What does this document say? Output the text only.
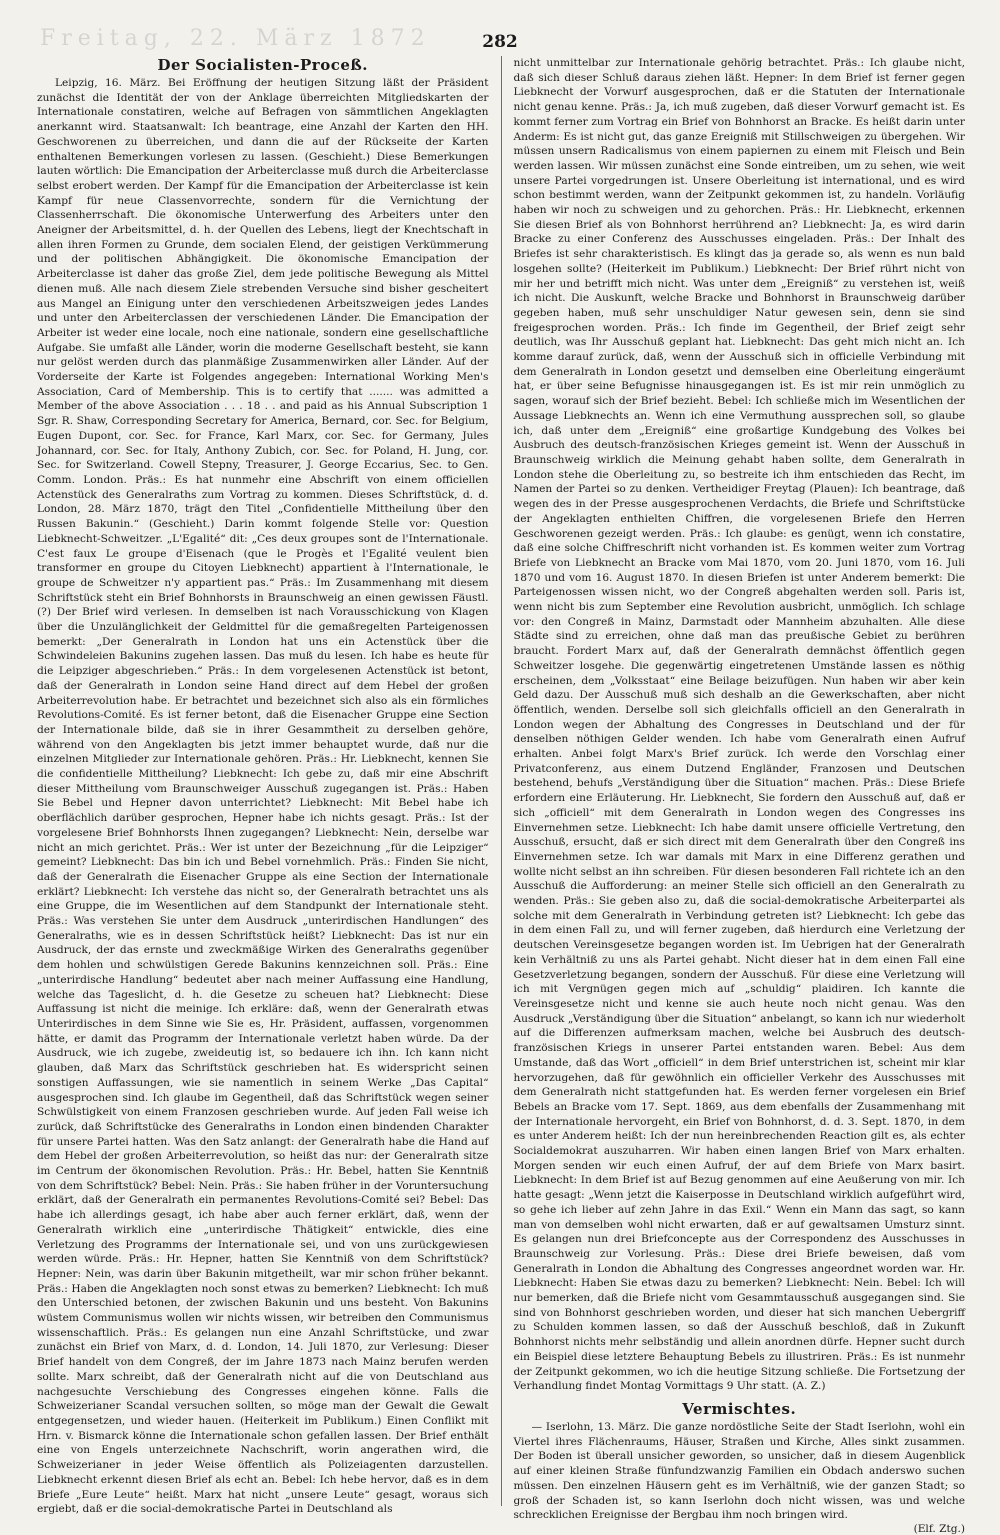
Freitag, 22. März 1872	282
Der Socialisten-Proceß.

Leipzig, 16. März. Bei Eröffnung der heutigen Sitzung läßt der Präsident zunächst die Identität der von der Anklage überreichten Mitgliedskarten der Internationale constatiren, welche auf Befragen von sämmtlichen Angeklagten anerkannt wird. Staatsanwalt: Ich beantrage, eine Anzahl der Karten den HH. Geschworenen zu überreichen, und dann die auf der Rückseite der Karten enthaltenen Bemerkungen vorlesen zu lassen. (Geschieht.) Diese Bemerkungen lauten wörtlich: Die Emancipation der Arbeiterclasse muß durch die Arbeiterclasse selbst erobert werden. Der Kampf für die Emancipation der Arbeiterclasse ist kein Kampf für neue Classenvorrechte, sondern für die Vernichtung der Classenherrschaft. Die ökonomische Unterwerfung des Arbeiters unter den Aneigner der Arbeitsmittel, d. h. der Quellen des Lebens, liegt der Knechtschaft in allen ihren Formen zu Grunde, dem socialen Elend, der geistigen Verkümmerung und der politischen Abhängigkeit. Die ökonomische Emancipation der Arbeiterclasse ist daher das große Ziel, dem jede politische Bewegung als Mittel dienen muß. Alle nach diesem Ziele strebenden Versuche sind bisher gescheitert aus Mangel an Einigung unter den verschiedenen Arbeitszweigen jedes Landes und unter den Arbeiterclassen der verschiedenen Länder. Die Emancipation der Arbeiter ist weder eine locale, noch eine nationale, sondern eine gesellschaftliche Aufgabe. Sie umfaßt alle Länder, worin die moderne Gesellschaft besteht, sie kann nur gelöst werden durch das planmäßige Zusammenwirken aller Länder. Auf der Vorderseite der Karte ist Folgendes angegeben: International Working Men's Association, Card of Membership. This is to certify that ....... was admitted a Member of the above Association . . . 18 . . and paid as his Annual Subscription 1 Sgr. R. Shaw, Corresponding Secretary for America, Bernard, cor. Sec. for Belgium, Eugen Dupont, cor. Sec. for France, Karl Marx, cor. Sec. for Germany, Jules Johannard, cor. Sec. for Italy, Anthony Zubich, cor. Sec. for Poland, H. Jung, cor. Sec. for Switzerland. Cowell Stepny, Treasurer, J. George Eccarius, Sec. to Gen. Comm. London. Präs.: Es hat nunmehr eine Abschrift von einem officiellen Actenstück des Generalraths zum Vortrag zu kommen. Dieses Schriftstück, d. d. London, 28. März 1870, trägt den Titel „Confidentielle Mittheilung über den Russen Bakunin.“ (Geschieht.) Darin kommt folgende Stelle vor: Question Liebknecht-Schweitzer. „L'Egalité“ dit: „Ces deux groupes sont de l'Internationale. C'est faux Le groupe d'Eisenach (que le Progès et l'Egalité veulent bien transformer en groupe du Citoyen Liebknecht) appartient à l'Internationale, le groupe de Schweitzer n'y appartient pas.“ Präs.: Im Zusammenhang mit diesem Schriftstück steht ein Brief Bohnhorsts in Braunschweig an einen gewissen Fäustl. (?) Der Brief wird verlesen. In demselben ist nach Vorausschickung von Klagen über die Unzulänglichkeit der Geldmittel für die gemaßregelten Parteigenossen bemerkt: „Der Generalrath in London hat uns ein Actenstück über die Schwindeleien Bakunins zugehen lassen. Das muß du lesen. Ich habe es heute für die Leipziger abgeschrieben.“ Präs.: In dem vorgelesenen Actenstück ist betont, daß der Generalrath in London seine Hand direct auf dem Hebel der großen Arbeiterrevolution habe. Er betrachtet und bezeichnet sich also als ein förmliches Revolutions-Comité. Es ist ferner betont, daß die Eisenacher Gruppe eine Section der Internationale bilde, daß sie in ihrer Gesammtheit zu derselben gehöre, während von den Angeklagten bis jetzt immer behauptet wurde, daß nur die einzelnen Mitglieder zur Internationale gehören. Präs.: Hr. Liebknecht, kennen Sie die confidentielle Mittheilung? Liebknecht: Ich gebe zu, daß mir eine Abschrift dieser Mittheilung vom Braunschweiger Ausschuß zugegangen ist. Präs.: Haben Sie Bebel und Hepner davon unterrichtet? Liebknecht: Mit Bebel habe ich oberflächlich darüber gesprochen, Hepner habe ich nichts gesagt. Präs.: Ist der vorgelesene Brief Bohnhorsts Ihnen zugegangen? Liebknecht: Nein, derselbe war nicht an mich gerichtet. Präs.: Wer ist unter der Bezeichnung „für die Leipziger“ gemeint? Liebknecht: Das bin ich und Bebel vornehmlich. Präs.: Finden Sie nicht, daß der Generalrath die Eisenacher Gruppe als eine Section der Internationale erklärt? Liebknecht: Ich verstehe das nicht so, der Generalrath betrachtet uns als eine Gruppe, die im Wesentlichen auf dem Standpunkt der Internationale steht. Präs.: Was verstehen Sie unter dem Ausdruck „unterirdischen Handlungen“ des Generalraths, wie es in dessen Schriftstück heißt? Liebknecht: Das ist nur ein Ausdruck, der das ernste und zweckmäßige Wirken des Generalraths gegenüber dem hohlen und schwülstigen Gerede Bakunins kennzeichnen soll. Präs.: Eine „unterirdische Handlung“ bedeutet aber nach meiner Auffassung eine Handlung, welche das Tageslicht, d. h. die Gesetze zu scheuen hat? Liebknecht: Diese Auffassung ist nicht die meinige. Ich erkläre: daß, wenn der Generalrath etwas Unterirdisches in dem Sinne wie Sie es, Hr. Präsident, auffassen, vorgenommen hätte, er damit das Programm der Internationale verletzt haben würde. Da der Ausdruck, wie ich zugebe, zweideutig ist, so bedauere ich ihn. Ich kann nicht glauben, daß Marx das Schriftstück geschrieben hat. Es widerspricht seinen sonstigen Auffassungen, wie sie namentlich in seinem Werke „Das Capital“ ausgesprochen sind. Ich glaube im Gegentheil, daß das Schriftstück wegen seiner Schwülstigkeit von einem Franzosen geschrieben wurde. Auf jeden Fall weise ich zurück, daß Schriftstücke des Generalraths in London einen bindenden Charakter für unsere Partei hatten. Was den Satz anlangt: der Generalrath habe die Hand auf dem Hebel der großen Arbeiterrevolution, so heißt das nur: der Generalrath sitze im Centrum der ökonomischen Revolution. Präs.: Hr. Bebel, hatten Sie Kenntniß von dem Schriftstück? Bebel: Nein. Präs.: Sie haben früher in der Voruntersuchung erklärt, daß der Generalrath ein permanentes Revolutions-Comité sei? Bebel: Das habe ich allerdings gesagt, ich habe aber auch ferner erklärt, daß, wenn der Generalrath wirklich eine „unterirdische Thätigkeit“ entwickle, dies eine Verletzung des Programms der Internationale sei, und von uns zurückgewiesen werden würde. Präs.: Hr. Hepner, hatten Sie Kenntniß von dem Schriftstück? Hepner: Nein, was darin über Bakunin mitgetheilt, war mir schon früher bekannt. Präs.: Haben die Angeklagten noch sonst etwas zu bemerken? Liebknecht: Ich muß den Unterschied betonen, der zwischen Bakunin und uns besteht. Von Bakunins wüstem Communismus wollen wir nichts wissen, wir betreiben den Communismus wissenschaftlich. Präs.: Es gelangen nun eine Anzahl Schriftstücke, und zwar zunächst ein Brief von Marx, d. d. London, 14. Juli 1870, zur Verlesung: Dieser Brief handelt von dem Congreß, der im Jahre 1873 nach Mainz berufen werden sollte. Marx schreibt, daß der Generalrath nicht auf die von Deutschland aus nachgesuchte Verschiebung des Congresses eingehen könne. Falls die Schweizerianer Scandal versuchen sollten, so möge man der Gewalt die Gewalt entgegensetzen, und wieder hauen. (Heiterkeit im Publikum.) Einen Conflikt mit Hrn. v. Bismarck könne die Internationale schon gefallen lassen. Der Brief enthält eine von Engels unterzeichnete Nachschrift, worin angerathen wird, die Schweizerianer in jeder Weise öffentlich als Polizeiagenten darzustellen. Liebknecht erkennt diesen Brief als echt an. Bebel: Ich hebe hervor, daß es in dem Briefe „Eure Leute“ heißt. Marx hat nicht „unsere Leute“ gesagt, woraus sich ergiebt, daß er die social-demokratische Partei in Deutschland als

nicht unmittelbar zur Internationale gehörig betrachtet. Präs.: Ich glaube nicht, daß sich dieser Schluß daraus ziehen läßt. Hepner: In dem Brief ist ferner gegen Liebknecht der Vorwurf ausgesprochen, daß er die Statuten der Internationale nicht genau kenne. Präs.: Ja, ich muß zugeben, daß dieser Vorwurf gemacht ist. Es kommt ferner zum Vortrag ein Brief von Bohnhorst an Bracke. Es heißt darin unter Anderm: Es ist nicht gut, das ganze Ereigniß mit Stillschweigen zu übergehen. Wir müssen unsern Radicalismus von einem papiernen zu einem mit Fleisch und Bein werden lassen. Wir müssen zunächst eine Sonde eintreiben, um zu sehen, wie weit unsere Partei vorgedrungen ist. Unsere Oberleitung ist international, und es wird schon bestimmt werden, wann der Zeitpunkt gekommen ist, zu handeln. Vorläufig haben wir noch zu schweigen und zu gehorchen. Präs.: Hr. Liebknecht, erkennen Sie diesen Brief als von Bohnhorst herrührend an? Liebknecht: Ja, es wird darin Bracke zu einer Conferenz des Ausschusses eingeladen. Präs.: Der Inhalt des Briefes ist sehr charakteristisch. Es klingt das ja gerade so, als wenn es nun bald losgehen sollte? (Heiterkeit im Publikum.) Liebknecht: Der Brief rührt nicht von mir her und betrifft mich nicht. Was unter dem „Ereigniß“ zu verstehen ist, weiß ich nicht. Die Auskunft, welche Bracke und Bohnhorst in Braunschweig darüber gegeben haben, muß sehr unschuldiger Natur gewesen sein, denn sie sind freigesprochen worden. Präs.: Ich finde im Gegentheil, der Brief zeigt sehr deutlich, was Ihr Ausschuß geplant hat. Liebknecht: Das geht mich nicht an. Ich komme darauf zurück, daß, wenn der Ausschuß sich in officielle Verbindung mit dem Generalrath in London gesetzt und demselben eine Oberleitung eingeräumt hat, er über seine Befugnisse hinausgegangen ist. Es ist mir rein unmöglich zu sagen, worauf sich der Brief bezieht. Bebel: Ich schließe mich im Wesentlichen der Aussage Liebknechts an. Wenn ich eine Vermuthung aussprechen soll, so glaube ich, daß unter dem „Ereigniß“ eine großartige Kundgebung des Volkes bei Ausbruch des deutsch-französischen Krieges gemeint ist. Wenn der Ausschuß in Braunschweig wirklich die Meinung gehabt haben sollte, dem Generalrath in London stehe die Oberleitung zu, so bestreite ich ihm entschieden das Recht, im Namen der Partei so zu denken. Vertheidiger Freytag (Plauen): Ich beantrage, daß wegen des in der Presse ausgesprochenen Verdachts, die Briefe und Schriftstücke der Angeklagten enthielten Chiffren, die vorgelesenen Briefe den Herren Geschworenen gezeigt werden. Präs.: Ich glaube: es genügt, wenn ich constatire, daß eine solche Chiffreschrift nicht vorhanden ist. Es kommen weiter zum Vortrag Briefe von Liebknecht an Bracke vom Mai 1870, vom 20. Juni 1870, vom 16. Juli 1870 und vom 16. August 1870. In diesen Briefen ist unter Anderem bemerkt: Die Parteigenossen wissen nicht, wo der Congreß abgehalten werden soll. Paris ist, wenn nicht bis zum September eine Revolution ausbricht, unmöglich. Ich schlage vor: den Congreß in Mainz, Darmstadt oder Mannheim abzuhalten. Alle diese Städte sind zu erreichen, ohne daß man das preußische Gebiet zu berühren braucht. Fordert Marx auf, daß der Generalrath demnächst öffentlich gegen Schweitzer losgehe. Die gegenwärtig eingetretenen Umstände lassen es nöthig erscheinen, dem „Volksstaat“ eine Beilage beizufügen. Nun haben wir aber kein Geld dazu. Der Ausschuß muß sich deshalb an die Gewerkschaften, aber nicht öffentlich, wenden. Derselbe soll sich gleichfalls officiell an den Generalrath in London wegen der Abhaltung des Congresses in Deutschland und der für denselben nöthigen Gelder wenden. Ich habe vom Generalrath einen Aufruf erhalten. Anbei folgt Marx's Brief zurück. Ich werde den Vorschlag einer Privatconferenz, aus einem Dutzend Engländer, Franzosen und Deutschen bestehend, behufs „Verständigung über die Situation“ machen. Präs.: Diese Briefe erfordern eine Erläuterung. Hr. Liebknecht, Sie fordern den Ausschuß auf, daß er sich „officiell“ mit dem Generalrath in London wegen des Congresses ins Einvernehmen setze. Liebknecht: Ich habe damit unsere officielle Vertretung, den Ausschuß, ersucht, daß er sich direct mit dem Generalrath über den Congreß ins Einvernehmen setze. Ich war damals mit Marx in eine Differenz gerathen und wollte nicht selbst an ihn schreiben. Für diesen besonderen Fall richtete ich an den Ausschuß die Aufforderung: an meiner Stelle sich officiell an den Generalrath zu wenden. Präs.: Sie geben also zu, daß die social-demokratische Arbeiterpartei als solche mit dem Generalrath in Verbindung getreten ist? Liebknecht: Ich gebe das in dem einen Fall zu, und will ferner zugeben, daß hierdurch eine Verletzung der deutschen Vereinsgesetze begangen worden ist. Im Uebrigen hat der Generalrath kein Verhältniß zu uns als Partei gehabt. Nicht dieser hat in dem einen Fall eine Gesetzverletzung begangen, sondern der Ausschuß. Für diese eine Verletzung will ich mit Vergnügen gegen mich auf „schuldig“ plaidiren. Ich kannte die Vereinsgesetze nicht und kenne sie auch heute noch nicht genau. Was den Ausdruck „Verständigung über die Situation“ anbelangt, so kann ich nur wiederholt auf die Differenzen aufmerksam machen, welche bei Ausbruch des deutsch-französischen Kriegs in unserer Partei entstanden waren. Bebel: Aus dem Umstande, daß das Wort „officiell“ in dem Brief unterstrichen ist, scheint mir klar hervorzugehen, daß für gewöhnlich ein officieller Verkehr des Ausschusses mit dem Generalrath nicht stattgefunden hat. Es werden ferner vorgelesen ein Brief Bebels an Bracke vom 17. Sept. 1869, aus dem ebenfalls der Zusammenhang mit der Internationale hervorgeht, ein Brief von Bohnhorst, d. d. 3. Sept. 1870, in dem es unter Anderem heißt: Ich der nun hereinbrechenden Reaction gilt es, als echter Socialdemokrat auszuharren. Wir haben einen langen Brief von Marx erhalten. Morgen senden wir euch einen Aufruf, der auf dem Briefe von Marx basirt. Liebknecht: In dem Brief ist auf Bezug genommen auf eine Aeußerung von mir. Ich hatte gesagt: „Wenn jetzt die Kaiserposse in Deutschland wirklich aufgeführt wird, so gehe ich lieber auf zehn Jahre in das Exil.“ Wenn ein Mann das sagt, so kann man von demselben wohl nicht erwarten, daß er auf gewaltsamen Umsturz sinnt. Es gelangen nun drei Briefconcepte aus der Correspondenz des Ausschusses in Braunschweig zur Vorlesung. Präs.: Diese drei Briefe beweisen, daß vom Generalrath in London die Abhaltung des Congresses angeordnet worden war. Hr. Liebknecht: Haben Sie etwas dazu zu bemerken? Liebknecht: Nein. Bebel: Ich will nur bemerken, daß die Briefe nicht vom Gesammtausschuß ausgegangen sind. Sie sind von Bohnhorst geschrieben worden, und dieser hat sich manchen Uebergriff zu Schulden kommen lassen, so daß der Ausschuß beschloß, daß in Zukunft Bohnhorst nichts mehr selbständig und allein anordnen dürfe. Hepner sucht durch ein Beispiel diese letztere Behauptung Bebels zu illustriren. Präs.: Es ist nunmehr der Zeitpunkt gekommen, wo ich die heutige Sitzung schließe. Die Fortsetzung der Verhandlung findet Montag Vormittags 9 Uhr statt. (A. Z.)

Vermischtes.

— Iserlohn, 13. März. Die ganze nordöstliche Seite der Stadt Iserlohn, wohl ein Viertel ihres Flächenraums, Häuser, Straßen und Kirche, Alles sinkt zusammen. Der Boden ist überall unsicher geworden, so unsicher, daß in diesem Augenblick auf einer kleinen Straße fünfundzwanzig Familien ein Obdach anderswo suchen müssen. Den einzelnen Häusern geht es im Verhältniß, wie der ganzen Stadt; so groß der Schaden ist, so kann Iserlohn doch nicht wissen, was und welche schrecklichen Ereignisse der Bergbau ihm noch bringen wird.

(Elf. Ztg.)
